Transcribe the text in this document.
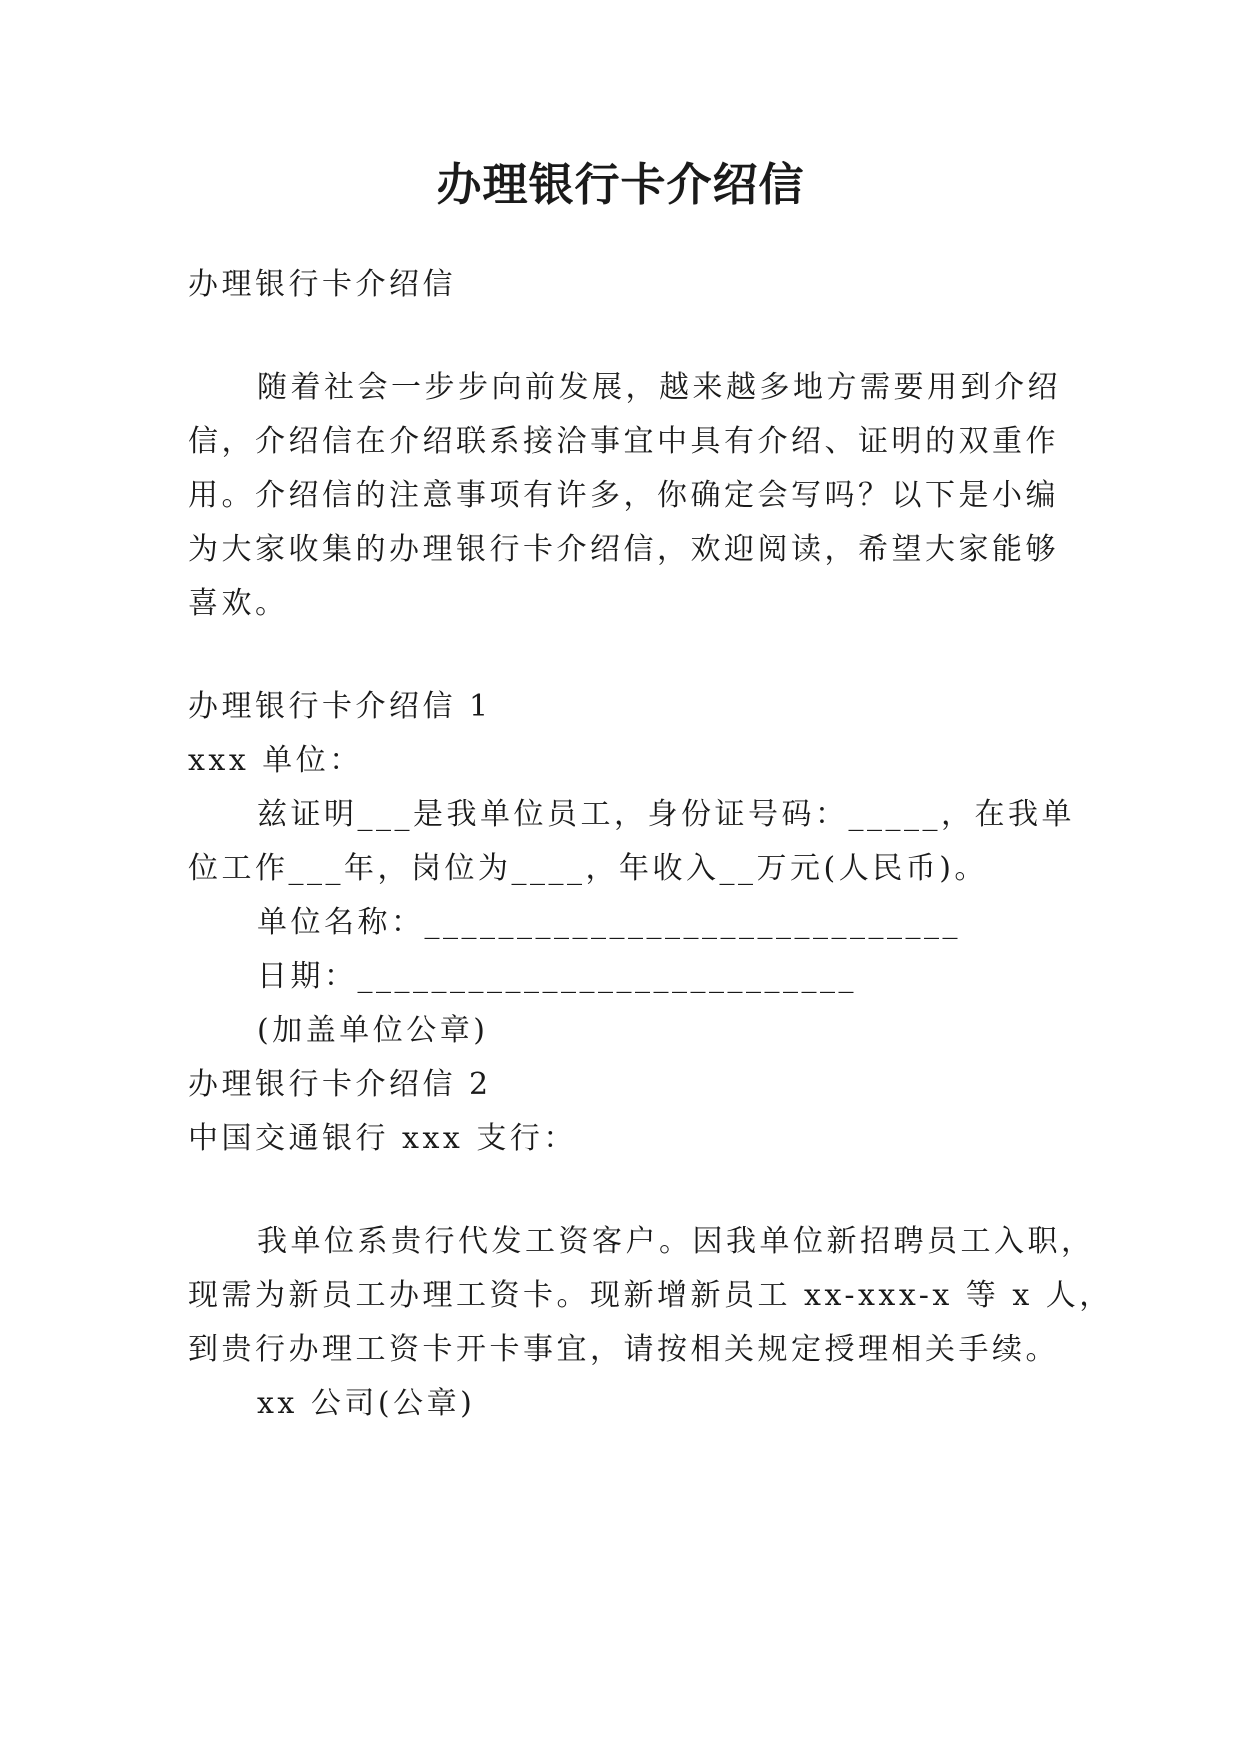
办理银行卡介绍信
办理银行卡介绍信
随着社会一步步向前发展，越来越多地方需要用到介绍
信，介绍信在介绍联系接洽事宜中具有介绍、证明的双重作
用。介绍信的注意事项有许多，你确定会写吗？以下是小编
为大家收集的办理银行卡介绍信，欢迎阅读，希望大家能够
喜欢。
办理银行卡介绍信 1
xxx 单位：
兹证明___是我单位员工，身份证号码：_____，在我单
位工作___年，岗位为____，年收入__万元(人民币)。
单位名称：_____________________________
日期：___________________________
(加盖单位公章)
办理银行卡介绍信 2
中国交通银行 xxx 支行：
我单位系贵行代发工资客户。因我单位新招聘员工入职，
现需为新员工办理工资卡。现新增新员工 xx-xxx-x 等 x 人，
到贵行办理工资卡开卡事宜，请按相关规定授理相关手续。
xx 公司(公章)
